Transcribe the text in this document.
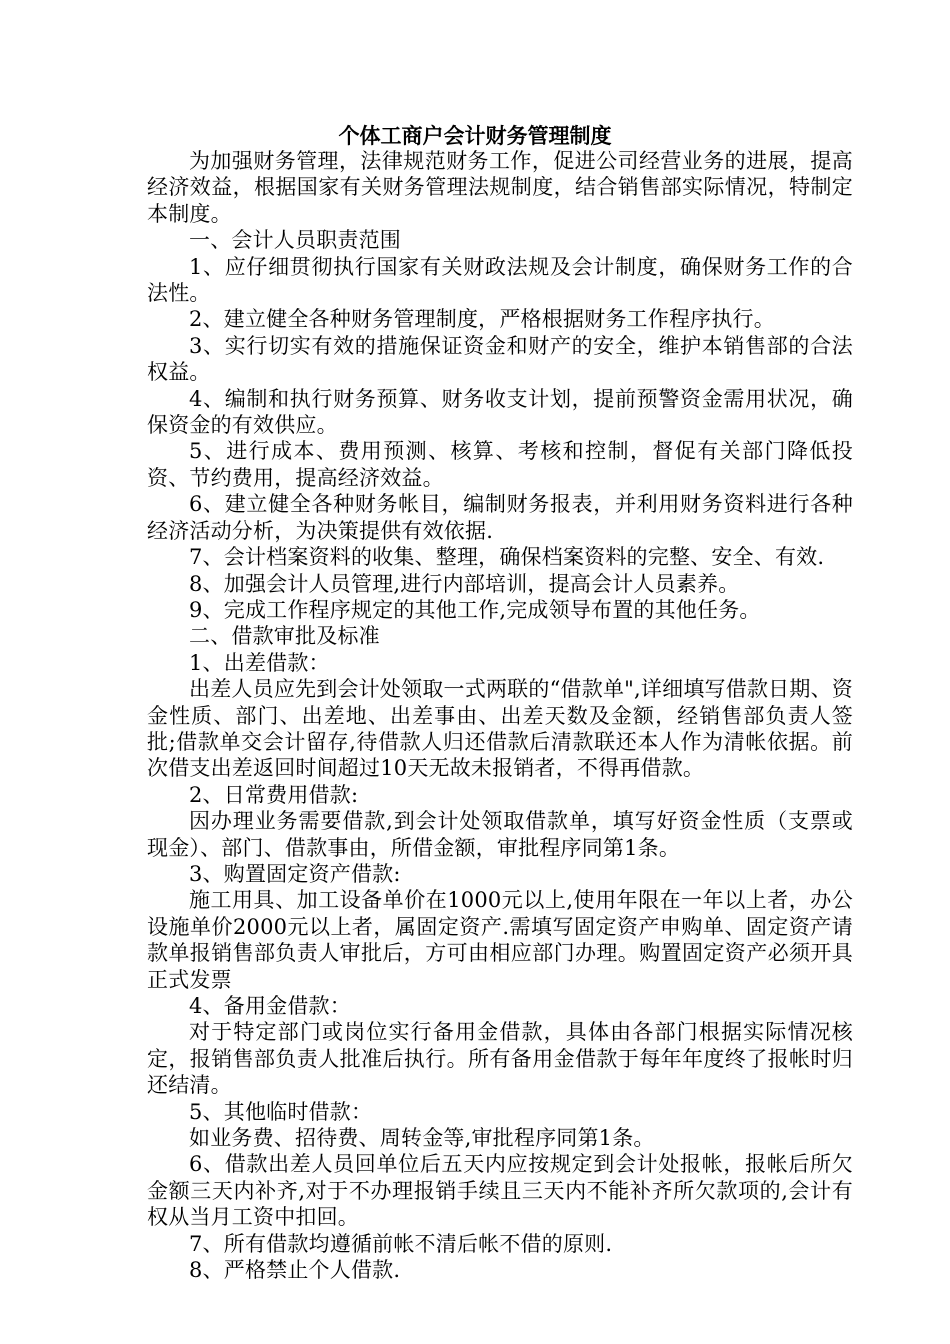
个体工商户会计财务管理制度

为加强财务管理，法律规范财务工作，促进公司经营业务的进展，提高经济效益，根据国家有关财务管理法规制度，结合销售部实际情况，特制定本制度。

一、会计人员职责范围

1、应仔细贯彻执行国家有关财政法规及会计制度，确保财务工作的合法性。

2、建立健全各种财务管理制度，严格根据财务工作程序执行。

3、实行切实有效的措施保证资金和财产的安全，维护本销售部的合法权益。

4、编制和执行财务预算、财务收支计划，提前预警资金需用状况，确保资金的有效供应。

5、进行成本、费用预测、核算、考核和控制，督促有关部门降低投资、节约费用，提高经济效益。

6、建立健全各种财务帐目，编制财务报表，并利用财务资料进行各种经济活动分析，为决策提供有效依据.

7、会计档案资料的收集、整理，确保档案资料的完整、安全、有效.

8、加强会计人员管理,进行内部培训，提高会计人员素养。

9、完成工作程序规定的其他工作,完成领导布置的其他任务。

二、借款审批及标准

1、出差借款：

出差人员应先到会计处领取一式两联的“借款单",详细填写借款日期、资金性质、部门、出差地、出差事由、出差天数及金额，经销售部负责人签批;借款单交会计留存,待借款人归还借款后清款联还本人作为清帐依据。前次借支出差返回时间超过10天无故未报销者，不得再借款。

2、日常费用借款:

因办理业务需要借款,到会计处领取借款单，填写好资金性质（支票或现金）、部门、借款事由，所借金额，审批程序同第1条。

3、购置固定资产借款:

施工用具、加工设备单价在1000元以上,使用年限在一年以上者，办公设施单价2000元以上者，属固定资产.需填写固定资产申购单、固定资产请款单报销售部负责人审批后，方可由相应部门办理。购置固定资产必须开具正式发票

4、备用金借款：

对于特定部门或岗位实行备用金借款，具体由各部门根据实际情况核定，报销售部负责人批准后执行。所有备用金借款于每年年度终了报帐时归还结清。

5、其他临时借款：

如业务费、招待费、周转金等,审批程序同第1条。

6、借款出差人员回单位后五天内应按规定到会计处报帐，报帐后所欠金额三天内补齐,对于不办理报销手续且三天内不能补齐所欠款项的,会计有权从当月工资中扣回。

7、所有借款均遵循前帐不清后帐不借的原则.

8、严格禁止个人借款.
